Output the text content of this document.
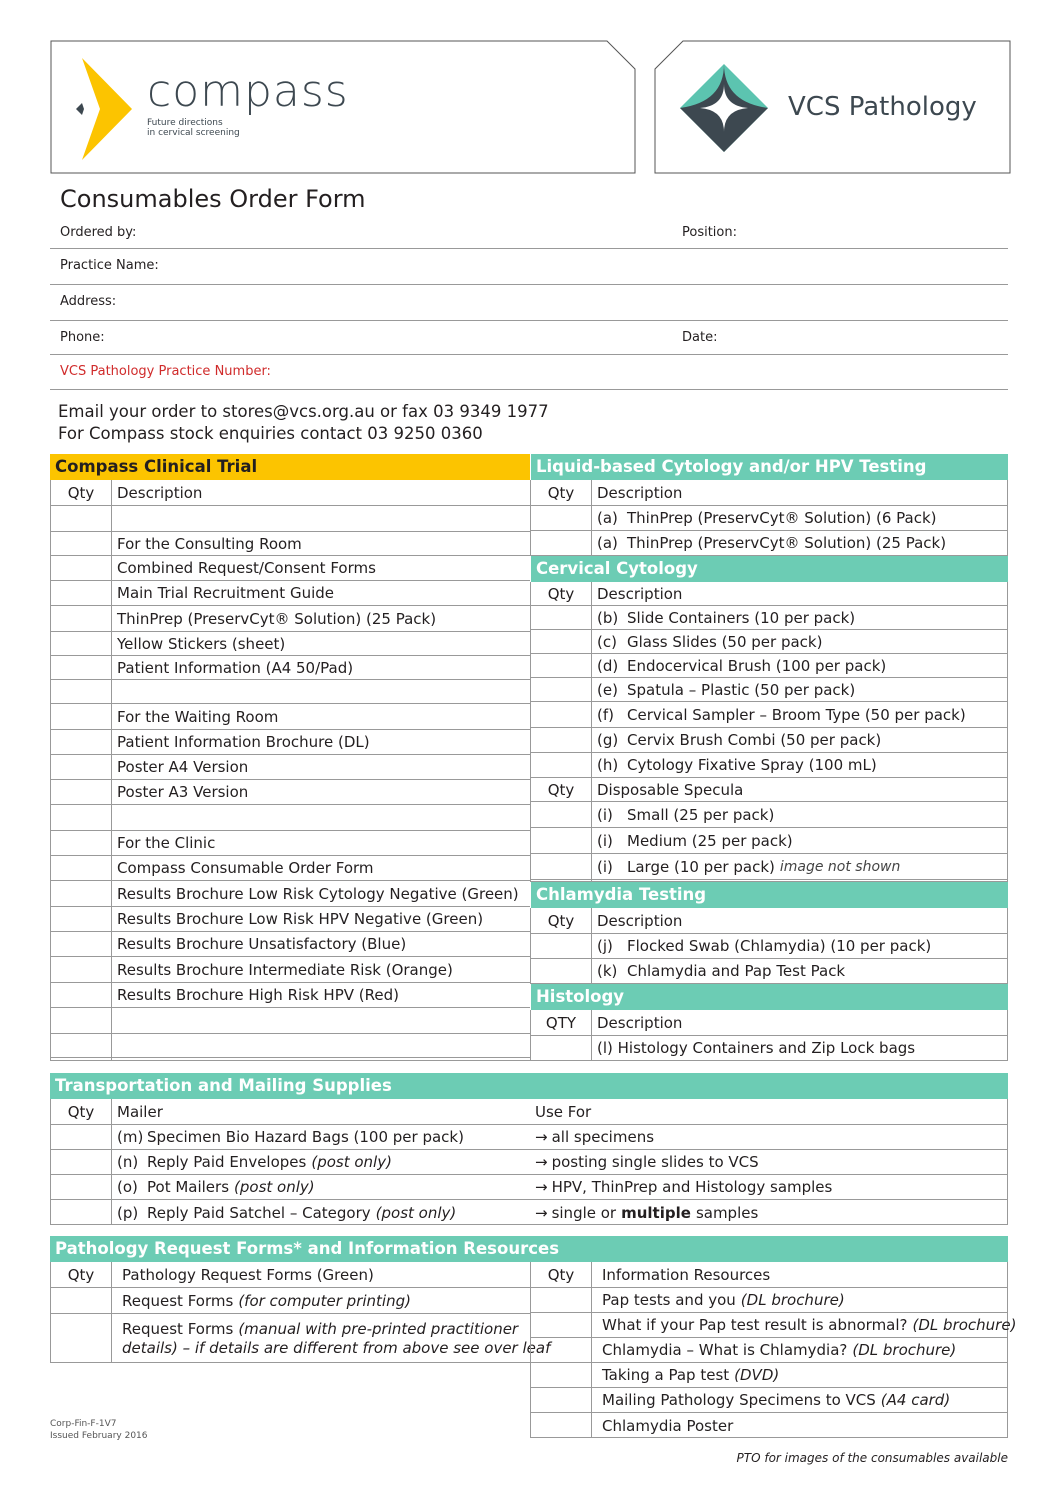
compass
Future directions
in cervical screening
VCS Pathology
Consumables Order Form
Ordered by:	Position:
Practice Name:
Address:
Phone:	Date:
VCS Pathology Practice Number:
Email your order to stores@vcs.org.au or fax 03 9349 1977
For Compass stock enquiries contact 03 9250 0360
Compass Clinical Trial
Qty	Description
For the Consulting Room
Combined Request/Consent Forms
Main Trial Recruitment Guide
ThinPrep (PreservCyt® Solution) (25 Pack)
Yellow Stickers (sheet)
Patient Information (A4 50/Pad)
For the Waiting Room
Patient Information Brochure (DL)
Poster A4 Version
Poster A3 Version
For the Clinic
Compass Consumable Order Form
Results Brochure Low Risk Cytology Negative (Green)
Results Brochure Low Risk HPV Negative (Green)
Results Brochure Unsatisfactory (Blue)
Results Brochure Intermediate Risk (Orange)
Results Brochure High Risk HPV (Red)
Liquid-based Cytology and/or HPV Testing
Qty	Description
(a) ThinPrep (PreservCyt® Solution) (6 Pack)
(a) ThinPrep (PreservCyt® Solution) (25 Pack)
Cervical Cytology
Qty	Description
(b) Slide Containers (10 per pack)
(c) Glass Slides (50 per pack)
(d) Endocervical Brush (100 per pack)
(e) Spatula – Plastic (50 per pack)
(f) Cervical Sampler – Broom Type (50 per pack)
(g) Cervix Brush Combi (50 per pack)
(h) Cytology Fixative Spray (100 mL)
Qty	Disposable Specula
(i) Small (25 per pack)
(i) Medium (25 per pack)
(i) Large (10 per pack) image not shown
Chlamydia Testing
Qty	Description
(j) Flocked Swab (Chlamydia) (10 per pack)
(k) Chlamydia and Pap Test Pack
Histology
QTY	Description
(l) Histology Containers and Zip Lock bags
Transportation and Mailing Supplies
Qty	Mailer	Use For
(m) Specimen Bio Hazard Bags (100 per pack)	→ all specimens
(n) Reply Paid Envelopes (post only)	→ posting single slides to VCS
(o) Pot Mailers (post only)	→ HPV, ThinPrep and Histology samples
(p) Reply Paid Satchel – Category (post only)	→ single or multiple samples
Pathology Request Forms* and Information Resources
Qty	Pathology Request Forms (Green)
Request Forms (for computer printing)
Request Forms (manual with pre-printed practitioner
details) – if details are different from above see over leaf
Qty	Information Resources
Pap tests and you (DL brochure)
What if your Pap test result is abnormal? (DL brochure)
Chlamydia – What is Chlamydia? (DL brochure)
Taking a Pap test (DVD)
Mailing Pathology Specimens to VCS (A4 card)
Chlamydia Poster
Corp-Fin-F-1V7
Issued February 2016
PTO for images of the consumables available
